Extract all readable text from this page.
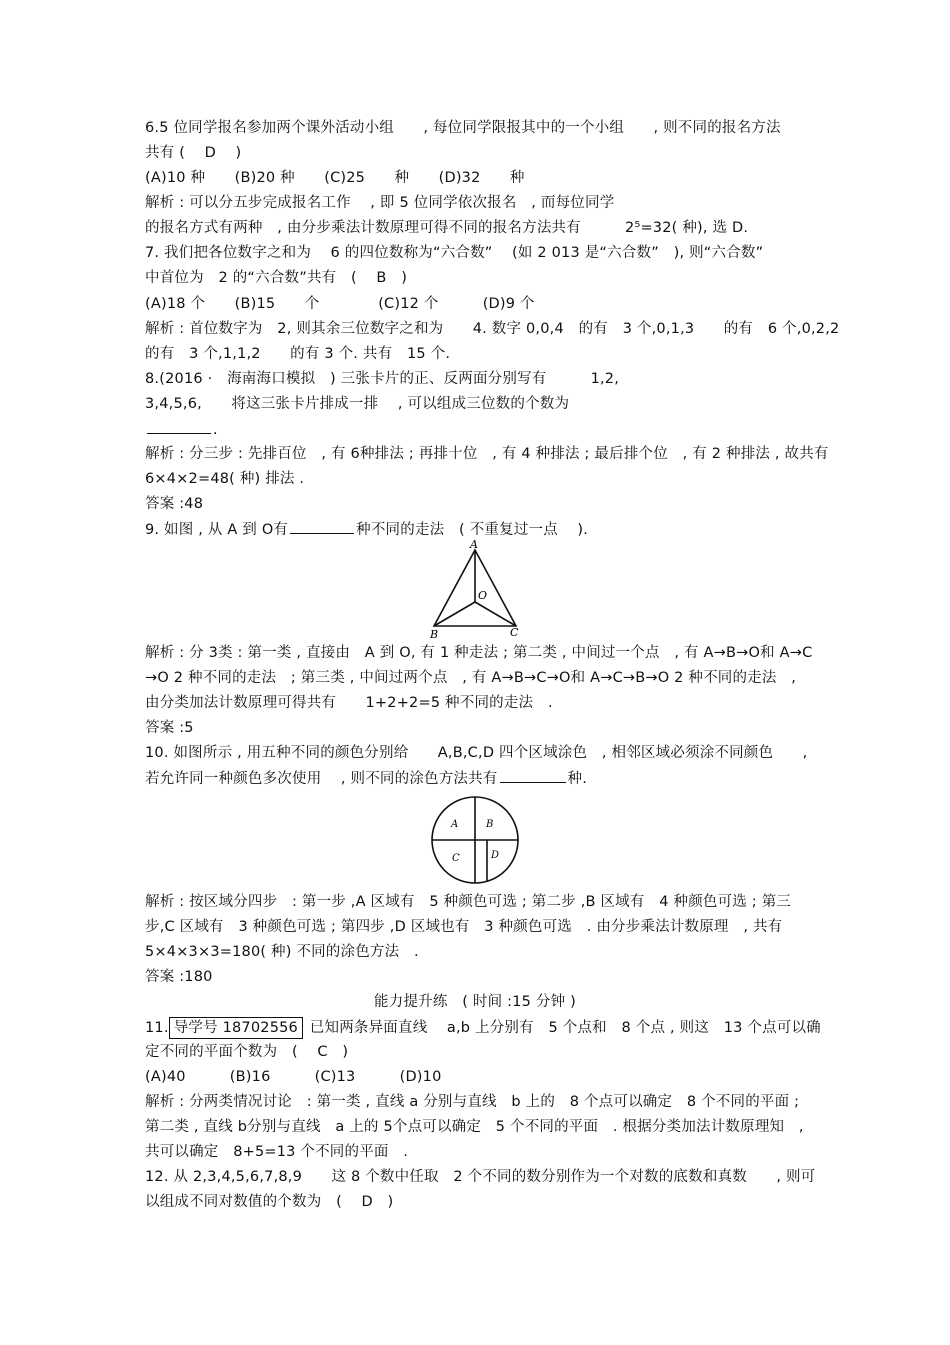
6.5 位同学报名参加两个课外活动小组　　, 每位同学限报其中的一个小组　　, 则不同的报名方法
共有 (　 D　 )
(A)10 种　　(B)20 种　　(C)25　　种　　(D)32　　种
解析 : 可以分五步完成报名工作　 , 即 5 位同学依次报名　, 而每位同学
的报名方式有两种　, 由分步乘法计数原理可得不同的报名方法共有　　　2⁵=32( 种), 选 D.
7. 我们把各位数字之和为　 6 的四位数称为“六合数”　 (如 2 013 是“六合数”　), 则“六合数”
中首位为　2 的“六合数”共有　(　 B　)
(A)18 个　　(B)15　　个　　　　(C)12 个　　　(D)9 个
解析 : 首位数字为　2, 则其余三位数字之和为　　4. 数字 0,0,4　的有　3 个,0,1,3　　的有　6 个,0,2,2
的有　3 个,1,1,2　　的有 3 个. 共有　15 个.
8.(2016 ·　海南海口模拟　) 三张卡片的正、反两面分别写有　　　1,2,
3,4,5,6,　　将这三张卡片排成一排　 , 可以组成三位数的个数为
.
解析 : 分三步 : 先排百位　, 有 6种排法 ; 再排十位　, 有 4 种排法 ; 最后排个位　, 有 2 种排法 , 故共有
6×4×2=48( 种) 排法 .
答案 :48
9. 如图 , 从 A 到 O有	种不同的走法　( 不重复过一点　 ).
A
O
B	C
解析 : 分 3类 : 第一类 , 直接由　A 到 O, 有 1 种走法 ; 第二类 , 中间过一个点　, 有 A→B→O和 A→C
→O 2 种不同的走法　; 第三类 , 中间过两个点　, 有 A→B→C→O和 A→C→B→O 2 种不同的走法　,
由分类加法计数原理可得共有　　1+2+2=5 种不同的走法　.
答案 :5
10. 如图所示 , 用五种不同的颜色分别给　　A,B,C,D 四个区域涂色　, 相邻区域必须涂不同颜色　　,
若允许同一种颜色多次使用　 , 则不同的涂色方法共有	种.
A	B
C	D
解析 : 按区域分四步　: 第一步 ,A 区域有　5 种颜色可选 ; 第二步 ,B 区域有　4 种颜色可选 ; 第三
步,C 区域有　3 种颜色可选 ; 第四步 ,D 区域也有　3 种颜色可选　. 由分步乘法计数原理　, 共有
5×4×3×3=180( 种) 不同的涂色方法　.
答案 :180
能力提升练　( 时间 :15 分钟 )
11. 导学号 18702556 已知两条异面直线　 a,b 上分别有　5 个点和　8 个点 , 则这　13 个点可以确
定不同的平面个数为　(　 C　)
(A)40　　　(B)16　　　(C)13　　　(D)10
解析 : 分两类情况讨论　: 第一类 , 直线 a 分别与直线　b 上的　8 个点可以确定　8 个不同的平面 ;
第二类 , 直线 b分别与直线　a 上的 5个点可以确定　5 个不同的平面　. 根据分类加法计数原理知　,
共可以确定　8+5=13 个不同的平面　.
12. 从 2,3,4,5,6,7,8,9　　这 8 个数中任取　2 个不同的数分别作为一个对数的底数和真数　　, 则可
以组成不同对数值的个数为　(　 D　)
